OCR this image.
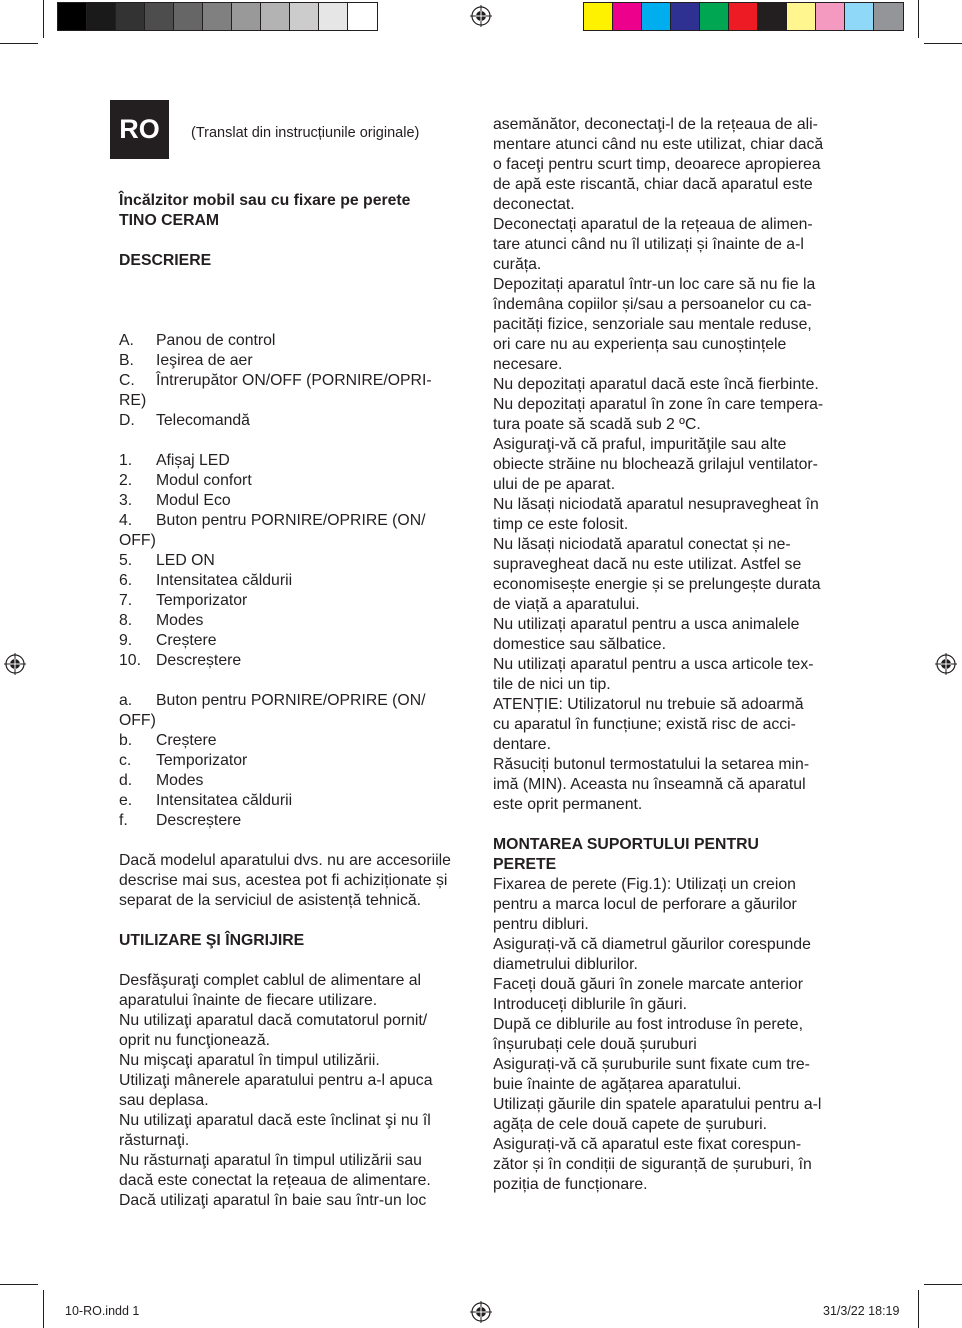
RO	(Translat din instrucțiunile originale)
Încălzitor mobil sau cu fixare pe perete
TINO CERAM
DESCRIERE
A. Panou de control
B. Ieşirea de aer
C. Întrerupător ON/OFF (PORNIRE/OPRI-
RE)
D. Telecomandă
1. Afișaj LED
2. Modul confort
3. Modul Eco
4. Buton pentru PORNIRE/OPRIRE (ON/
OFF)
5. LED ON
6. Intensitatea căldurii
7. Temporizator
8. Modes
9. Creștere
10. Descreștere
a. Buton pentru PORNIRE/OPRIRE (ON/
OFF)
b. Creștere
c. Temporizator
d. Modes
e. Intensitatea căldurii
f. Descreștere
Dacă modelul aparatului dvs. nu are accesoriile
descrise mai sus, acestea pot fi achiziționate și
separat de la serviciul de asistență tehnică.
UTILIZARE ŞI ÎNGRIJIRE
Desfăşuraţi complet cablul de alimentare al
aparatului înainte de fiecare utilizare.
Nu utilizaţi aparatul dacă comutatorul pornit/
oprit nu funcţionează.
Nu mişcaţi aparatul în timpul utilizării.
Utilizaţi mânerele aparatului pentru a-l apuca
sau deplasa.
Nu utilizaţi aparatul dacă este înclinat şi nu îl
răsturnaţi.
Nu răsturnaţi aparatul în timpul utilizării sau
dacă este conectat la rețeaua de alimentare.
Dacă utilizaţi aparatul în baie sau într-un loc
asemănător, deconectaţi-l de la rețeaua de ali-
mentare atunci când nu este utilizat, chiar dacă
o faceţi pentru scurt timp, deoarece apropierea
de apă este riscantă, chiar dacă aparatul este
deconectat.
Deconectați aparatul de la rețeaua de alimen-
tare atunci când nu îl utilizați și înainte de a-l
curăța.
Depozitați aparatul într-un loc care să nu fie la
îndemâna copiilor și/sau a persoanelor cu ca-
pacități fizice, senzoriale sau mentale reduse,
ori care nu au experiența sau cunoștințele
necesare.
Nu depozitați aparatul dacă este încă fierbinte.
Nu depozitați aparatul în zone în care tempera-
tura poate să scadă sub 2 ºC.
Asiguraţi-vă că praful, impurităţile sau alte
obiecte străine nu blochează grilajul ventilator-
ului de pe aparat.
Nu lăsați niciodată aparatul nesupravegheat în
timp ce este folosit.
Nu lăsați niciodată aparatul conectat și ne-
supravegheat dacă nu este utilizat. Astfel se
economisește energie și se prelungește durata
de viață a aparatului.
Nu utilizați aparatul pentru a usca animalele
domestice sau sălbatice.
Nu utilizați aparatul pentru a usca articole tex-
tile de nici un tip.
ATENȚIE: Utilizatorul nu trebuie să adoarmă
cu aparatul în funcțiune; există risc de acci-
dentare.
Răsuciți butonul termostatului la setarea min-
imă (MIN). Aceasta nu înseamnă că aparatul
este oprit permanent.
MONTAREA SUPORTULUI PENTRU
PERETE
Fixarea de perete (Fig.1): Utilizați un creion
pentru a marca locul de perforare a găurilor
pentru dibluri.
Asigurați-vă că diametrul găurilor corespunde
diametrului diblurilor.
Faceți două găuri în zonele marcate anterior
Introduceți diblurile în găuri.
După ce diblurile au fost introduse în perete,
înșurubați cele două șuruburi
Asigurați-vă că șuruburile sunt fixate cum tre-
buie înainte de agățarea aparatului.
Utilizați găurile din spatele aparatului pentru a-l
agăța de cele două capete de șuruburi.
Asigurați-vă că aparatul este fixat corespun-
zător și în condiții de siguranță de șuruburi, în
poziția de funcționare.
10-RO.indd 1	31/3/22 18:19
